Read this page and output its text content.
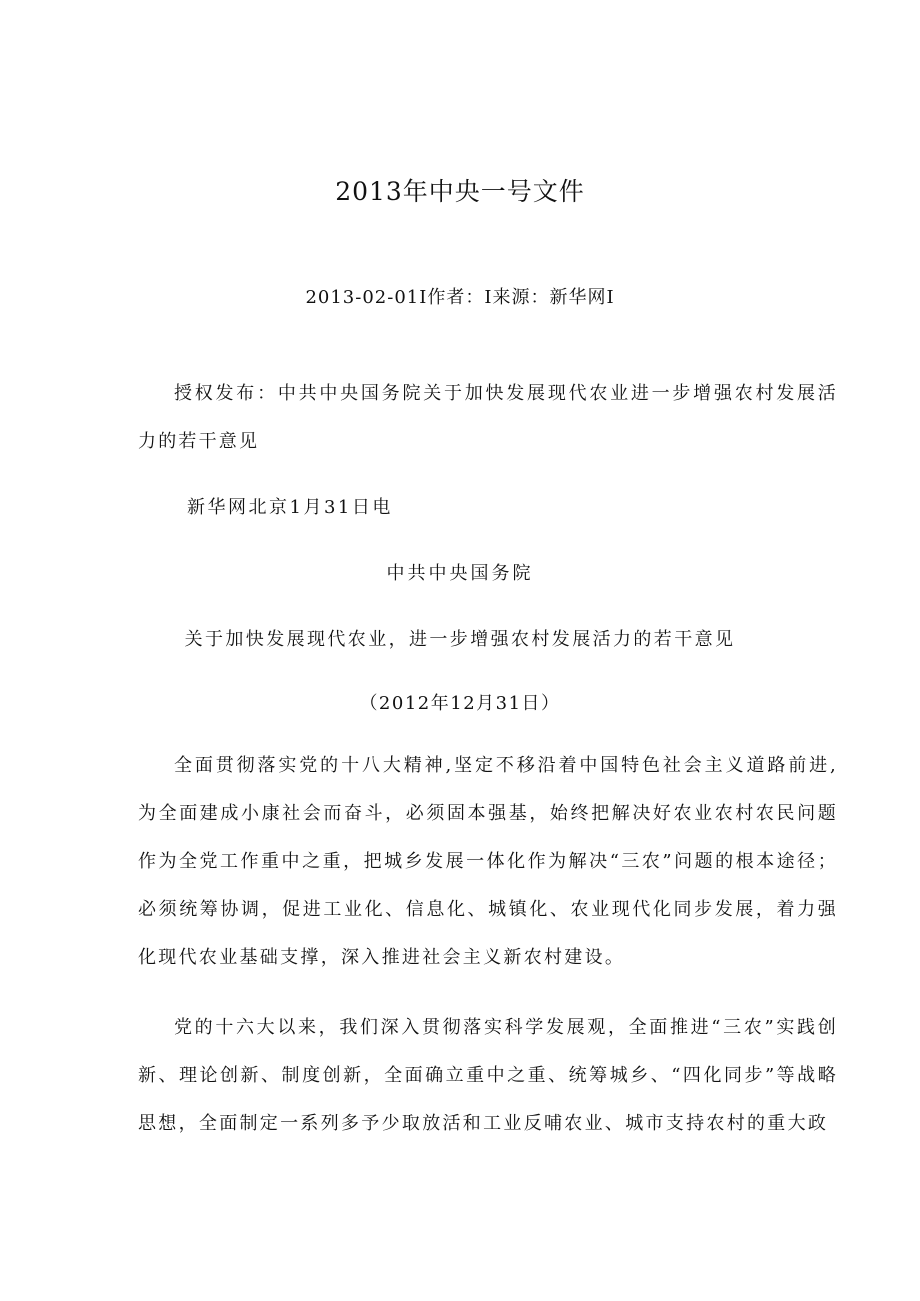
2013年中央一号文件
2013-02-01I作者：I来源：新华网I

授权发布：中共中央国务院关于加快发展现代农业进一步增强农村发展活力的若干意见

新华网北京1月31日电
中共中央国务院
关于加快发展现代农业，进一步增强农村发展活力的若干意见
（2012年12月31日）

全面贯彻落实党的十八大精神,坚定不移沿着中国特色社会主义道路前进,为全面建成小康社会而奋斗，必须固本强基，始终把解决好农业农村农民问题作为全党工作重中之重，把城乡发展一体化作为解决“三农”问题的根本途径；必须统筹协调，促进工业化、信息化、城镇化、农业现代化同步发展，着力强化现代农业基础支撑，深入推进社会主义新农村建设。

党的十六大以来，我们深入贯彻落实科学发展观，全面推进“三农”实践创新、理论创新、制度创新，全面确立重中之重、统筹城乡、“四化同步”等战略思想，全面制定一系列多予少取放活和工业反哺农业、城市支持农村的重大政
